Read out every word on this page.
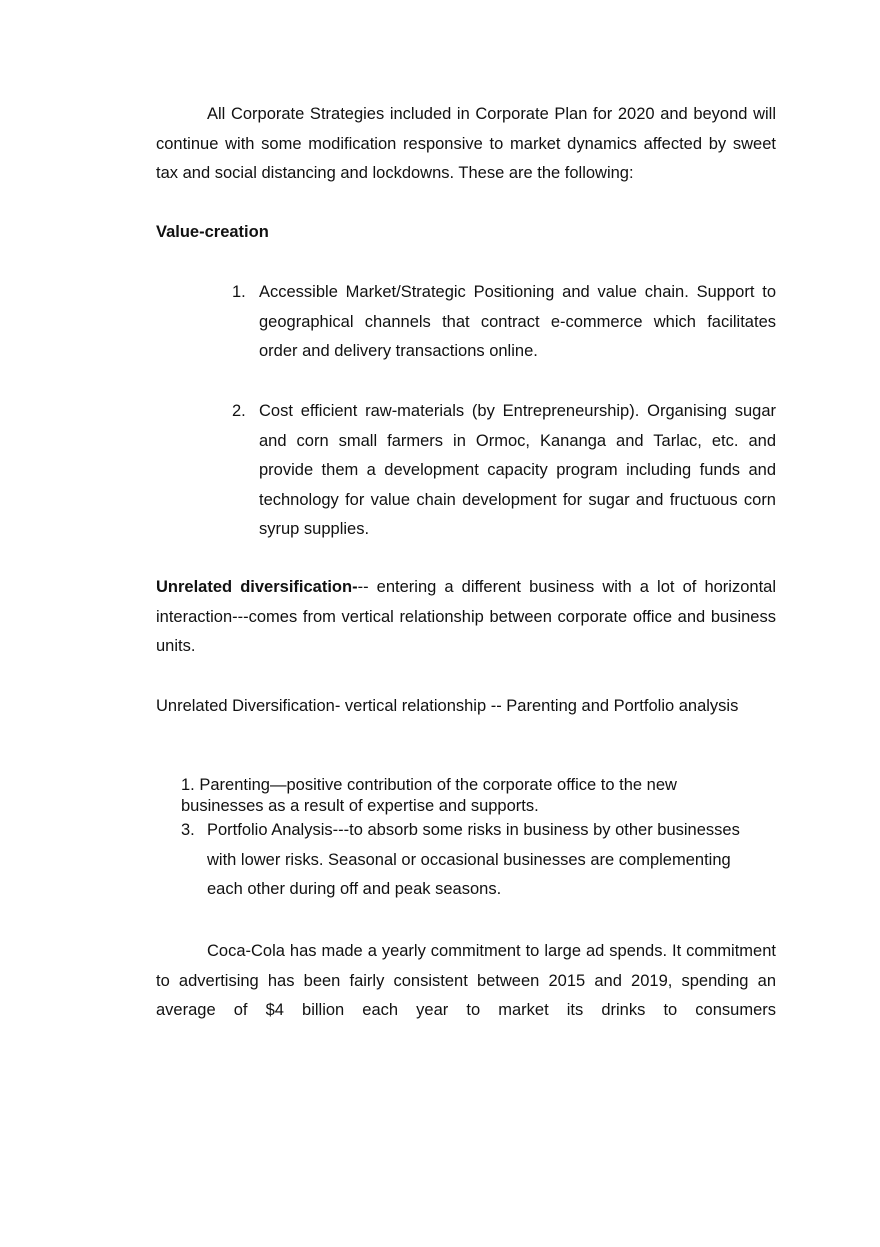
All Corporate Strategies included in Corporate Plan for 2020 and beyond will continue with some modification responsive to market dynamics affected by sweet tax and social distancing and lockdowns. These are the following:

Value-creation

1. Accessible Market/Strategic Positioning and value chain. Support to geographical channels that contract e-commerce which facilitates order and delivery transactions online.
2. Cost efficient raw-materials (by Entrepreneurship). Organising sugar and corn small farmers in Ormoc, Kananga and Tarlac, etc. and provide them a development capacity program including funds and technology for value chain development for sugar and fructuous corn syrup supplies.

Unrelated diversification--- entering a different business with a lot of horizontal interaction---comes from vertical relationship between corporate office and business units.

Unrelated Diversification- vertical relationship -- Parenting and Portfolio analysis

1. Parenting—positive contribution of the corporate office to the new businesses as a result of expertise and supports.

3. Portfolio Analysis---to absorb some risks in business by other businesses with lower risks. Seasonal or occasional businesses are complementing each other during off and peak seasons.

Coca-Cola has made a yearly commitment to large ad spends. It commitment to advertising has been fairly consistent between 2015 and 2019, spending an average of $4 billion each year to market its drinks to consumers
